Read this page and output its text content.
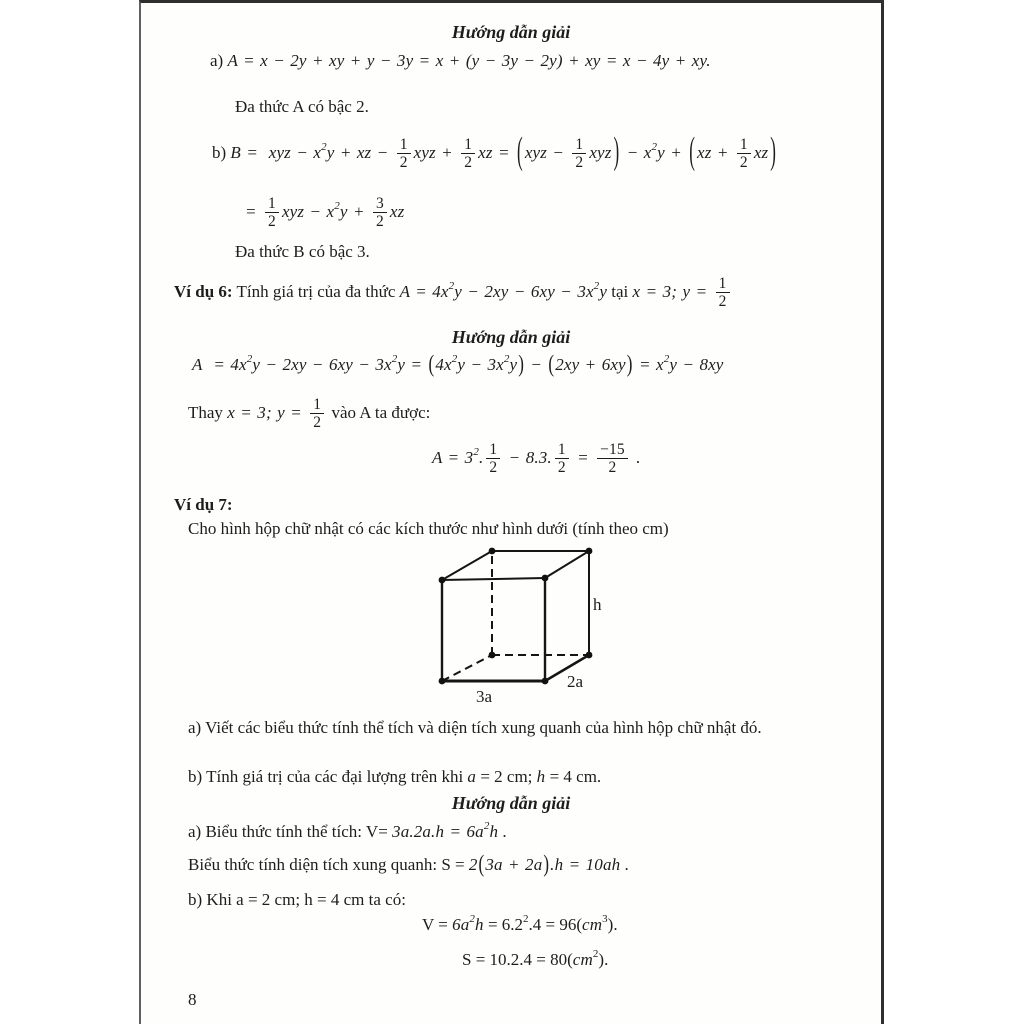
Hướng dẫn giải
a) A = x − 2y + xy + y − 3y = x + (y − 3y − 2y) + xy = x − 4y + xy.
Đa thức A có bậc 2.
b) B =  xyz − $x^2y$ + xz − $\frac{1}{2}$ xyz + $\frac{1}{2}$ xz = ( xyz − $\frac{1}{2}$ xyz ) − $x^2y$ + ( xz + $\frac{1}{2}$ xz )
= $\frac{1}{2}$ xyz − $x^2y + \frac{3}{2}$ xz
Đa thức B có bậc 3.
Ví dụ 6: Tính giá trị của đa thức $A = 4x^2y - 2xy - 6xy - 3x^2y$ tại x = 3; $y = \frac{1}{2}$
Hướng dẫn giải
$A = 4x^2y - 2xy - 6xy - 3x^2y = (4x^2y - 3x^2y) - (2xy + 6xy) = x^2y - 8xy$
Thay x = 3; $y = \frac{1}{2}$ vào A ta được:
$A = 3^2$. $\frac{1}{2} - 8.3$. $\frac{1}{2} = \frac{-15}{2}$ .
Ví dụ 7:
Cho hình hộp chữ nhật có các kích thước như hình dưới (tính theo cm)
h
2a
3a
a) Viết các biểu thức tính thể tích và diện tích xung quanh của hình hộp chữ nhật đó.
b) Tính giá trị của các đại lượng trên khi a = 2 cm; h = 4 cm.
Hướng dẫn giải
a) Biểu thức tính thể tích: $V= 3a.2a.h = 6a^2h$ .
Biểu thức tính diện tích xung quanh: S = 2(3a + 2a).h = 10ah .
b) Khi a = 2 cm; h = 4 cm ta có:
$V = 6a^2h = 6.2^2.4 = 96(cm^3)$.
$S = 10.2.4 = 80(cm^2)$.
8
